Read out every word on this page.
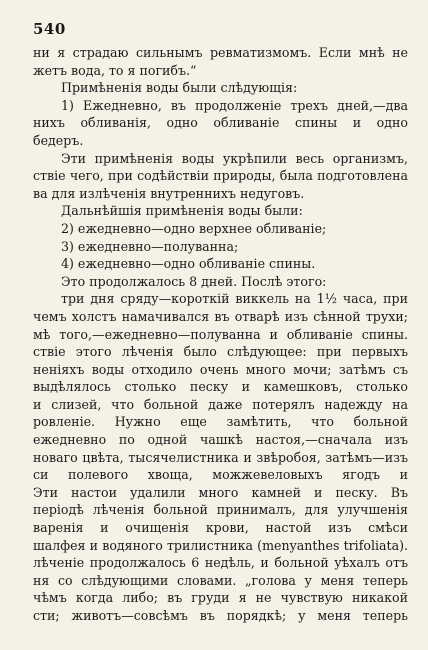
540
ни я страдаю сильнымъ ревматизмомъ. Если мнѣ не
жетъ вода, то я погибъ.“
Примѣненія воды были слѣдующія:
1) Ежедневно, въ продолженіе трехъ дней,—два
нихъ обливанія, одно обливаніе спины и одно
бедеръ.
Эти примѣненія воды укрѣпили весь организмъ,
ствіе чего, при содѣйствіи природы, была подготовлена
ва для излѣченія внутреннихъ недуговъ.
Дальнѣйшія примѣненія воды были:
2) ежедневно—одно верхнее обливаніе;
3) ежедневно—полуванна;
4) ежедневно—одно обливаніе спины.
Это продолжалось 8 дней. Послѣ этого:
три дня сряду—короткій виккель на 1½ часа, при
чемъ холстъ намачивался въ отварѣ изъ сѣнной трухи;
мѣ того,—ежедневно—полуванна и обливаніе спины.
ствіе этого лѣченія было слѣдующее: при первыхъ
неніяхъ воды отходило очень много мочи; затѣмъ съ
выдѣлялось столько песку и камешковъ, столько
и слизей, что больной даже потерялъ надежду на
ровленіе. Нужно еще замѣтить, что больной
ежедневно по одной чашкѣ настоя,—сначала изъ
новаго цвѣта, тысячелистника и звѣробоя, затѣмъ—изъ
си полевого хвоща, можжевеловыхъ ягодъ и
Эти настои удалили много камней и песку. Въ
періодѣ лѣченія больной принималъ, для улучшенія
варенія и очищенія крови, настой изъ смѣси
шалфея и водяного трилистника (menyanthes trifoliata).
лѣченіе продолжалось 6 недѣль, и больной уѣхалъ отъ
ня со слѣдующими словами. „голова у меня теперь
чѣмъ когда либо; въ груди я не чувствую никакой
сти; животъ—совсѣмъ въ порядкѣ; у меня теперь
